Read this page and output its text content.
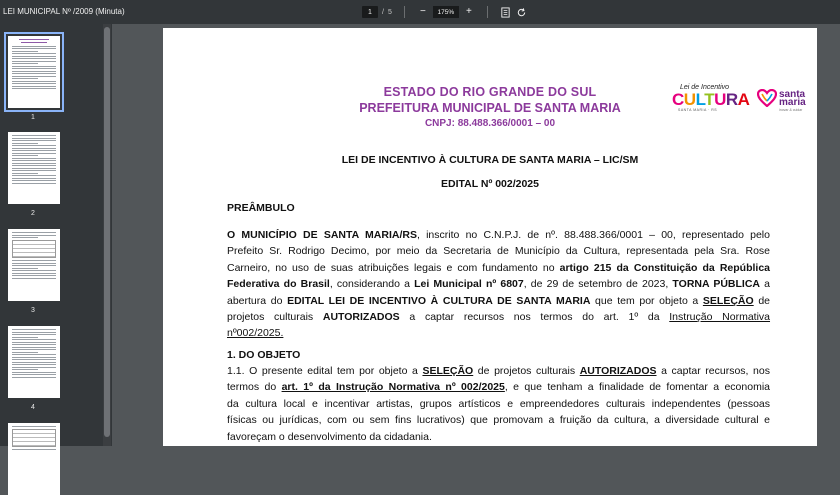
LEI MUNICIPAL Nº /2009 (Minuta)	1	/ 5	−	175%	+
1
2
3
4
ESTADO DO RIO GRANDE DO SUL
PREFEITURA MUNICIPAL DE SANTA MARIA
CNPJ: 88.488.366/0001 – 00
Lei de Incentivo
CULTURA
SANTA MARIA · RS
santa
maria
inovar & cuidar
LEI DE INCENTIVO À CULTURA DE SANTA MARIA – LIC/SM
EDITAL Nº 002/2025
PREÂMBULO
O MUNICÍPIO DE SANTA MARIA/RS, inscrito no C.N.P.J. de nº. 88.488.366/0001 – 00, representado pelo
Prefeito Sr. Rodrigo Decimo, por meio da Secretaria de Município da Cultura, representada pela Sra. Rose
Carneiro, no uso de suas atribuições legais e com fundamento no artigo 215 da Constituição da República
Federativa do Brasil, considerando a Lei Municipal nº 6807, de 29 de setembro de 2023, TORNA PÚBLICA a
abertura do EDITAL LEI DE INCENTIVO À CULTURA DE SANTA MARIA que tem por objeto a SELEÇÃO de
projetos culturais AUTORIZADOS a captar recursos nos termos do art. 1º da Instrução Normativa
nº002/2025.
1. DO OBJETO
1.1. O presente edital tem por objeto a SELEÇÃO de projetos culturais AUTORIZADOS a captar recursos, nos
termos do art. 1º da Instrução Normativa nº 002/2025, e que tenham a finalidade de fomentar a economia
da cultura local e incentivar artistas, grupos artísticos e empreendedores culturais independentes (pessoas
físicas ou jurídicas, com ou sem fins lucrativos) que promovam a fruição da cultura, a diversidade cultural e
favoreçam o desenvolvimento da cidadania.
